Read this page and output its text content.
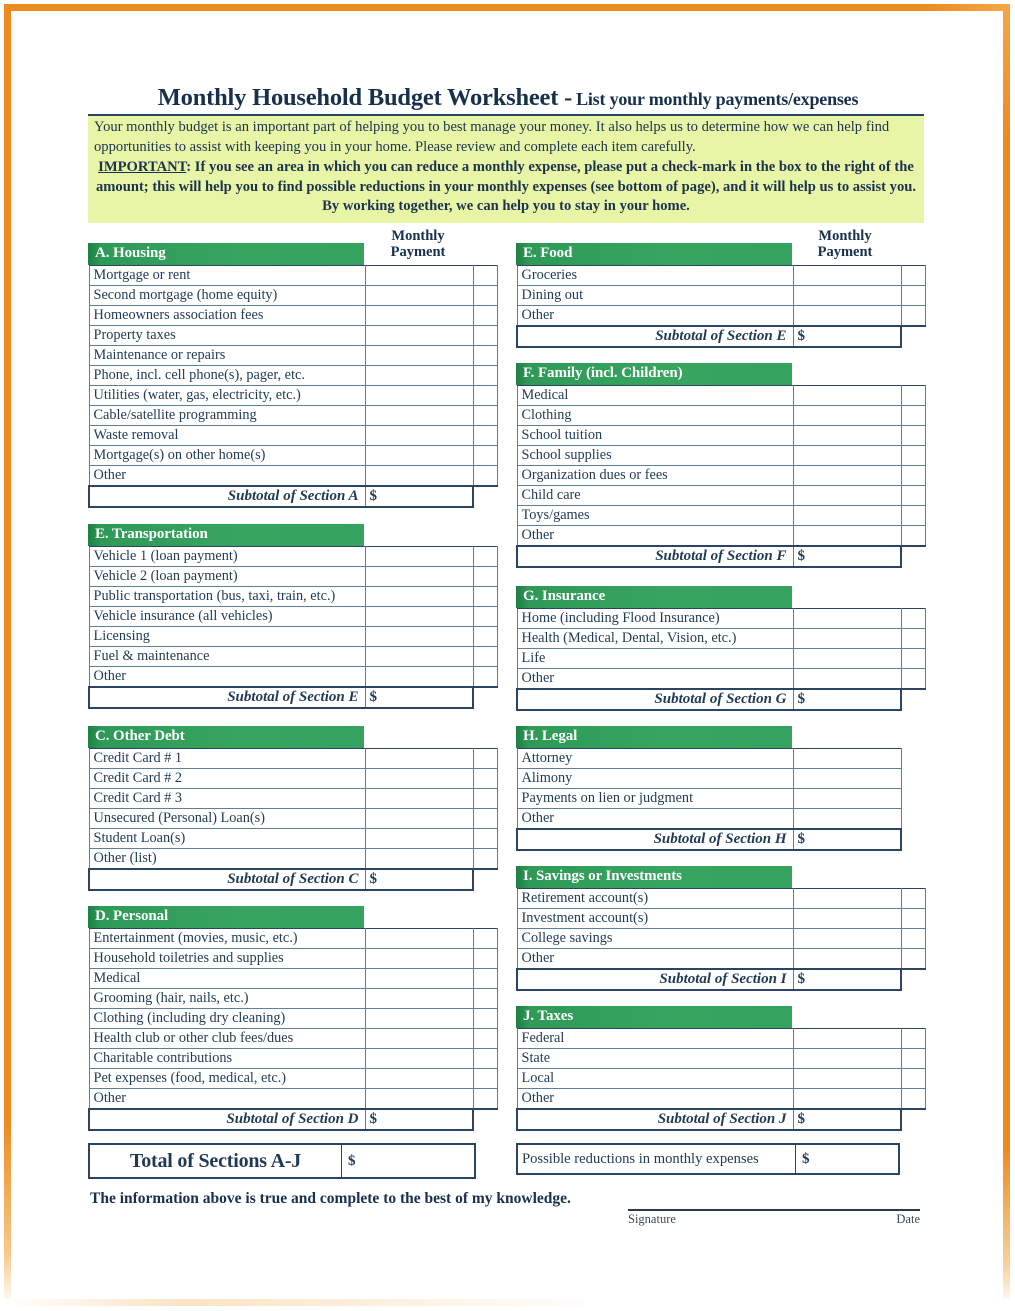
Monthly Household Budget Worksheet - List your monthly payments/expenses
Your monthly budget is an important part of helping you to best manage your money. It also helps us to determine how we can help find opportunities to assist with keeping you in your home. Please review and complete each item carefully.
IMPORTANT: If you see an area in which you can reduce a monthly expense, please put a check-mark in the box to the right of the amount; this will help you to find possible reductions in your monthly expenses (see bottom of page), and it will help us to assist you. By working together, we can help you to stay in your home.
Monthly
Payment
Monthly
Payment
A. Housing
Mortgage or rent		
Second mortgage (home equity)		
Homeowners association fees		
Property taxes		
Maintenance or repairs		
Phone, incl. cell phone(s), pager, etc.		
Utilities (water, gas, electricity, etc.)		
Cable/satellite programming		
Waste removal		
Mortgage(s) on other home(s)		
Other		
Subtotal of Section A	$	
E. Transportation
Vehicle 1 (loan payment)		
Vehicle 2 (loan payment)		
Public transportation (bus, taxi, train, etc.)		
Vehicle insurance (all vehicles)		
Licensing		
Fuel & maintenance		
Other		
Subtotal of Section E	$	
C. Other Debt
Credit Card # 1		
Credit Card # 2		
Credit Card # 3		
Unsecured (Personal) Loan(s)		
Student Loan(s)		
Other (list)		
Subtotal of Section C	$	
D. Personal
Entertainment (movies, music, etc.)		
Household toiletries and supplies		
Medical		
Grooming (hair, nails, etc.)		
Clothing (including dry cleaning)		
Health club or other club fees/dues		
Charitable contributions		
Pet expenses (food, medical, etc.)		
Other		
Subtotal of Section D	$	
E. Food
Groceries		
Dining out		
Other		
Subtotal of Section E	$	
F. Family (incl. Children)
Medical		
Clothing		
School tuition		
School supplies		
Organization dues or fees		
Child care		
Toys/games		
Other		
Subtotal of Section F	$	
G. Insurance
Home (including Flood Insurance)		
Health (Medical, Dental, Vision, etc.)		
Life		
Other		
Subtotal of Section G	$	
H. Legal
Attorney	
Alimony	
Payments on lien or judgment	
Other	
Subtotal of Section H	$
I. Savings or Investments
Retirement account(s)		
Investment account(s)		
College savings		
Other		
Subtotal of Section I	$	
J. Taxes
Federal		
State		
Local		
Other		
Subtotal of Section J	$	
Total of Sections A-J	$	Possible reductions in monthly expenses	$
The information above is true and complete to the best of my knowledge.
Signature	Date
